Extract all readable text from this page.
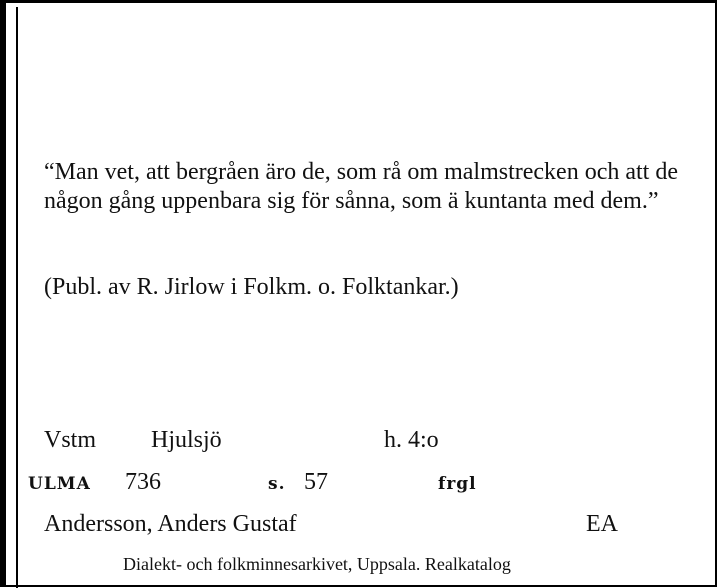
“Man vet, att bergråen äro de, som rå om malmstrecken och att de någon gång uppenbara sig för sånna, som ä kuntanta med dem.”

(Publ. av R. Jirlow i Folkm. o. Folktankar.)

Vstm Hjulsjö	h. 4:o
ULMA 736	s. 57	frgl
Andersson, Anders Gustaf	EA
Dialekt- och folkminnesarkivet, Uppsala. Realkatalog
